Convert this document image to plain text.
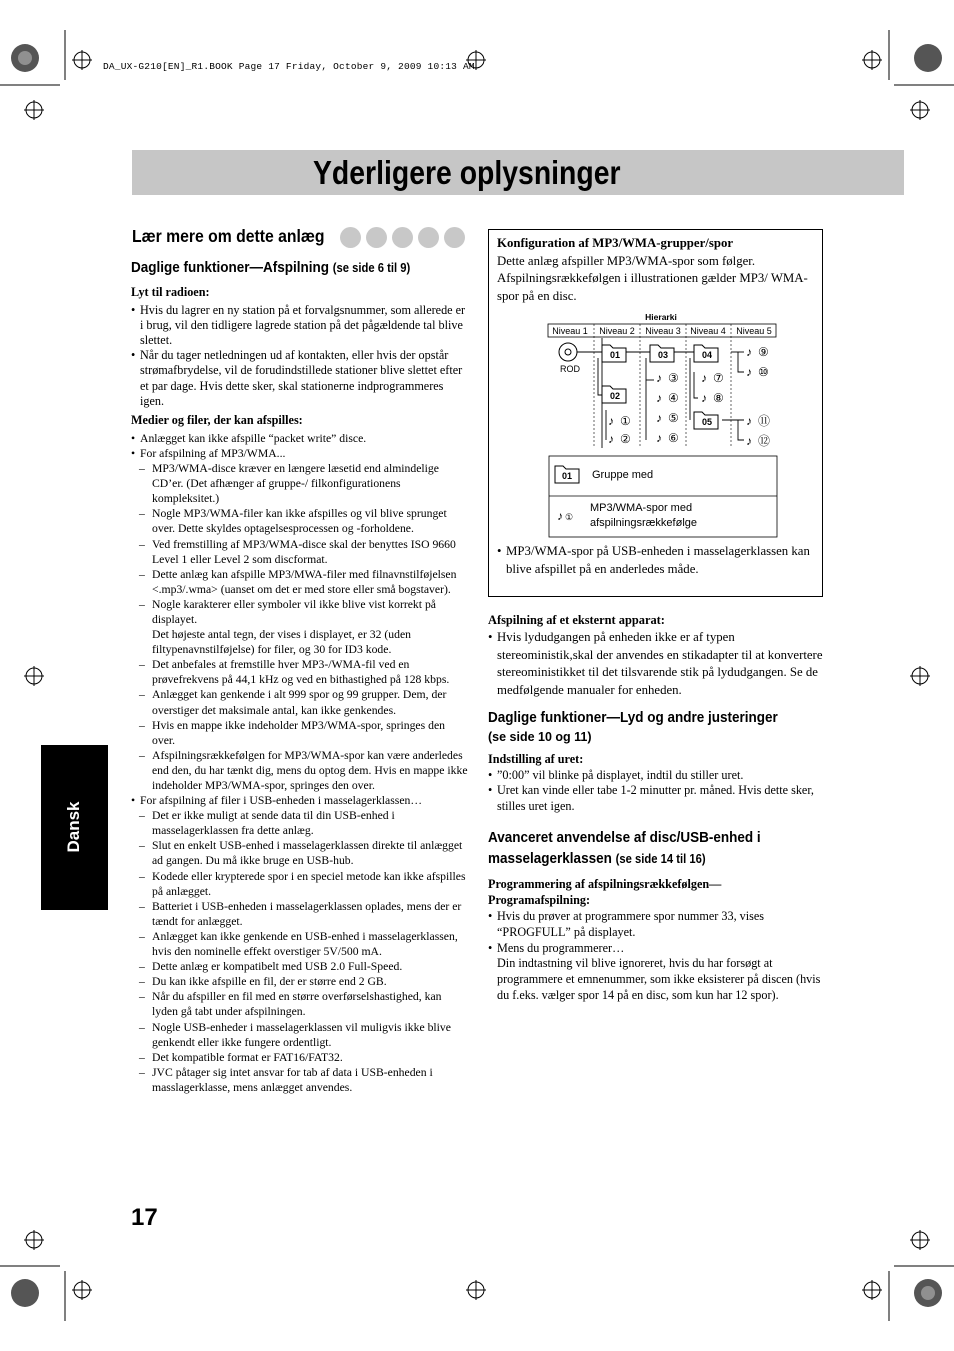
DA_UX-G210[EN]_R1.BOOK Page 17 Friday, October 9, 2009 10:13 AM
Yderligere oplysninger
Lær mere om dette anlæg
Dansk
17
Daglige funktioner—Afspilning (se side 6 til 9)

Lyt til radioen:

• Hvis du lagrer en ny station på et forvalgsnummer, som allerede er i brug, vil den tidligere lagrede station på det pågældende tal blive slettet.

• Når du tager netledningen ud af kontakten, eller hvis der opstår strømafbrydelse, vil de forudindstillede stationer blive slettet efter et par dage. Hvis dette sker, skal stationerne indprogrammeres igen.

Medier og filer, der kan afspilles:

• Anlægget kan ikke afspille “packet write” disce.

• For afspilning af MP3/WMA...

– MP3/WMA-disce kræver en længere læsetid end almindelige CD’er. (Det afhænger af gruppe-/ filkonfigurationens kompleksitet.)

– Nogle MP3/WMA-filer kan ikke afspilles og vil blive sprunget over. Dette skyldes optagelsesprocessen og -forholdene.

– Ved fremstilling af MP3/WMA-disce skal der benyttes ISO 9660 Level 1 eller Level 2 som discformat.

– Dette anlæg kan afspille MP3/MWA-filer med filnavnstilføjelsen <.mp3/.wma> (uanset om det er med store eller små bogstaver).

– Nogle karakterer eller symboler vil ikke blive vist korrekt på displayet.

Det højeste antal tegn, der vises i displayet, er 32 (uden filtypenavnstilføjelse) for filer, og 30 for ID3 kode.

– Det anbefales at fremstille hver MP3-/WMA-fil ved en prøvefrekvens på 44,1 kHz og ved en bithastighed på 128 kbps.

– Anlægget kan genkende i alt 999 spor og 99 grupper. Dem, der overstiger det maksimale antal, kan ikke genkendes.

– Hvis en mappe ikke indeholder MP3/WMA-spor, springes den over.

– Afspilningsrækkefølgen for MP3/WMA-spor kan være anderledes end den, du har tænkt dig, mens du optog dem. Hvis en mappe ikke indeholder MP3/WMA-spor, springes den over.

• For afspilning af filer i USB-enheden i masselagerklassen…

– Det er ikke muligt at sende data til din USB-enhed i masselagerklassen fra dette anlæg.

– Slut en enkelt USB-enhed i masselagerklassen direkte til anlægget ad gangen. Du må ikke bruge en USB-hub.

– Kodede eller krypterede spor i en speciel metode kan ikke afspilles på anlægget.

– Batteriet i USB-enheden i masselagerklassen oplades, mens der er tændt for anlægget.

– Anlægget kan ikke genkende en USB-enhed i masselagerklassen, hvis den nominelle effekt overstiger 5V/500 mA.

– Dette anlæg er kompatibelt med USB 2.0 Full-Speed.

– Du kan ikke afspille en fil, der er større end 2 GB.

– Når du afspiller en fil med en større overførselshastighed, kan lyden gå tabt under afspilningen.

– Nogle USB-enheder i masselagerklassen vil muligvis ikke blive genkendt eller ikke fungere ordentligt.

– Det kompatible format er FAT16/FAT32.

– JVC påtager sig intet ansvar for tab af data i USB-enheden i masslagerklasse, mens anlægget anvendes.

Konfiguration af MP3/WMA-grupper/spor

Dette anlæg afspiller MP3/WMA-spor som følger. Afspilningsrækkefølgen i illustrationen gælder MP3/ WMA-spor på en disc.

Hierarki
Niveau 1 Niveau 2 Niveau 3 Niveau 4 Niveau 5
ROD
01
02
03	04
05
♪ ①
♪ ②
♪ ③
♪ ④
♪ ⑤
♪ ⑥
♪ ⑦
♪ ⑧
♪ ⑨
♪ ⑩
♪ ⑪
♪ ⑫
01 Gruppe med
♪ ①
MP3/WMA-spor med
afspilningsrækkefølge

• MP3/WMA-spor på USB-enheden i masselagerklassen kan blive afspillet på en anderledes måde.

Afspilning af et eksternt apparat:

• Hvis lydudgangen på enheden ikke er af typen stereoministik,skal der anvendes en stikadapter til at konvertere stereoministikket til det tilsvarende stik på lydudgangen. Se de medfølgende manualer for enheden.

Daglige funktioner—Lyd og andre justeringer
(se side 10 og 11)

Indstilling af uret:

• ”0:00” vil blinke på displayet, indtil du stiller uret.

• Uret kan vinde eller tabe 1-2 minutter pr. måned. Hvis dette sker, stilles uret igen.

Avanceret anvendelse af disc/USB-enhed i
masselagerklassen (se side 14 til 16)

Programmering af afspilningsrækkefølgen—

Programafspilning:

• Hvis du prøver at programmere spor nummer 33, vises “PROGFULL” på displayet.

• Mens du programmerer…

Din indtastning vil blive ignoreret, hvis du har forsøgt at programmere et emnenummer, som ikke eksisterer på discen (hvis du f.eks. vælger spor 14 på en disc, som kun har 12 spor).
